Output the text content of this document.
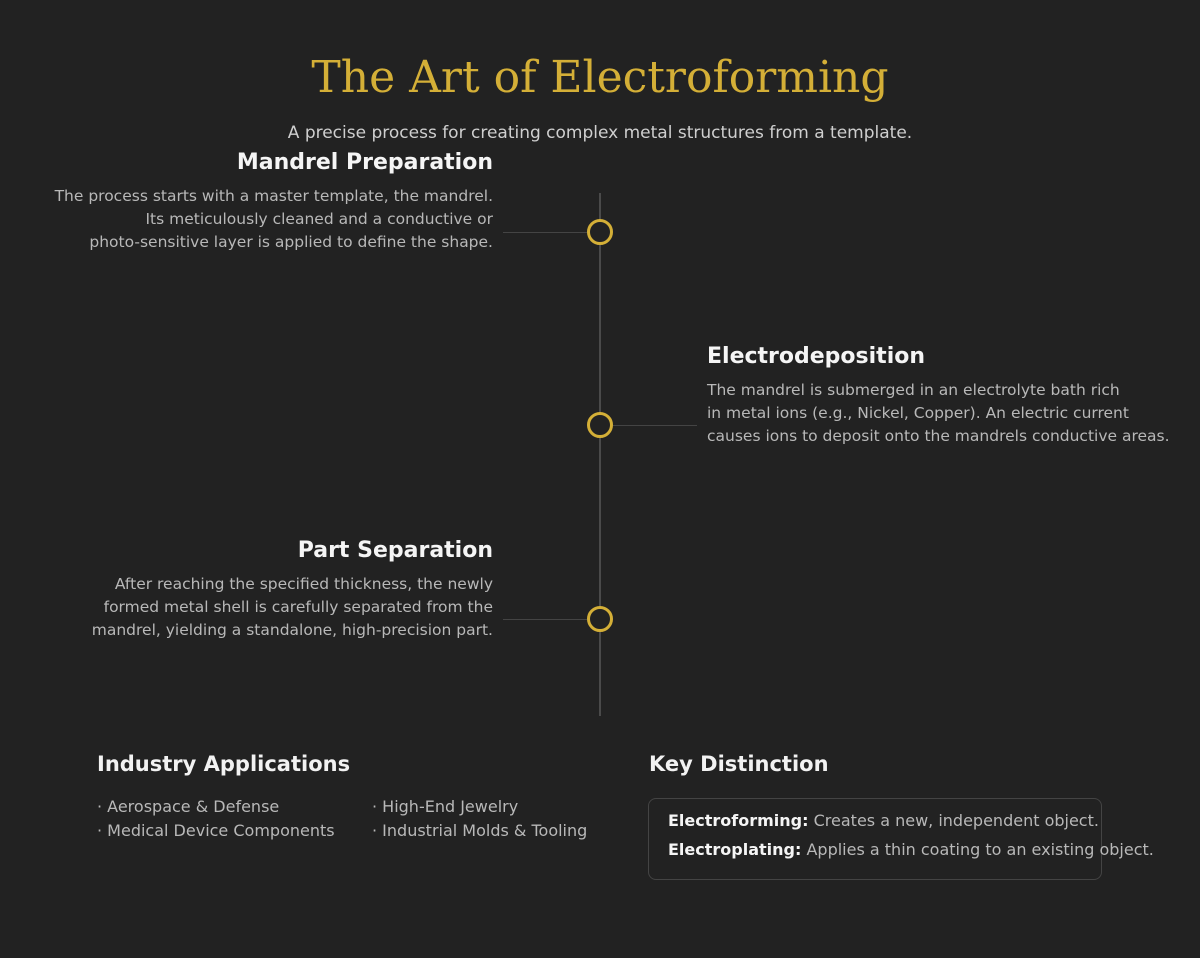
The Art of Electroforming
A precise process for creating complex metal structures from a template.
Mandrel Preparation
The process starts with a master template, the mandrel.
Its meticulously cleaned and a conductive or
photo-sensitive layer is applied to define the shape.
Electrodeposition
The mandrel is submerged in an electrolyte bath rich
in metal ions (e.g., Nickel, Copper). An electric current
causes ions to deposit onto the mandrels conductive areas.
Part Separation
After reaching the specified thickness, the newly
formed metal shell is carefully separated from the
mandrel, yielding a standalone, high-precision part.
Industry Applications
· Aerospace & Defense
· Medical Device Components
· High-End Jewelry
· Industrial Molds & Tooling
Key Distinction
Electroforming: Creates a new, independent object.
Electroplating: Applies a thin coating to an existing object.
